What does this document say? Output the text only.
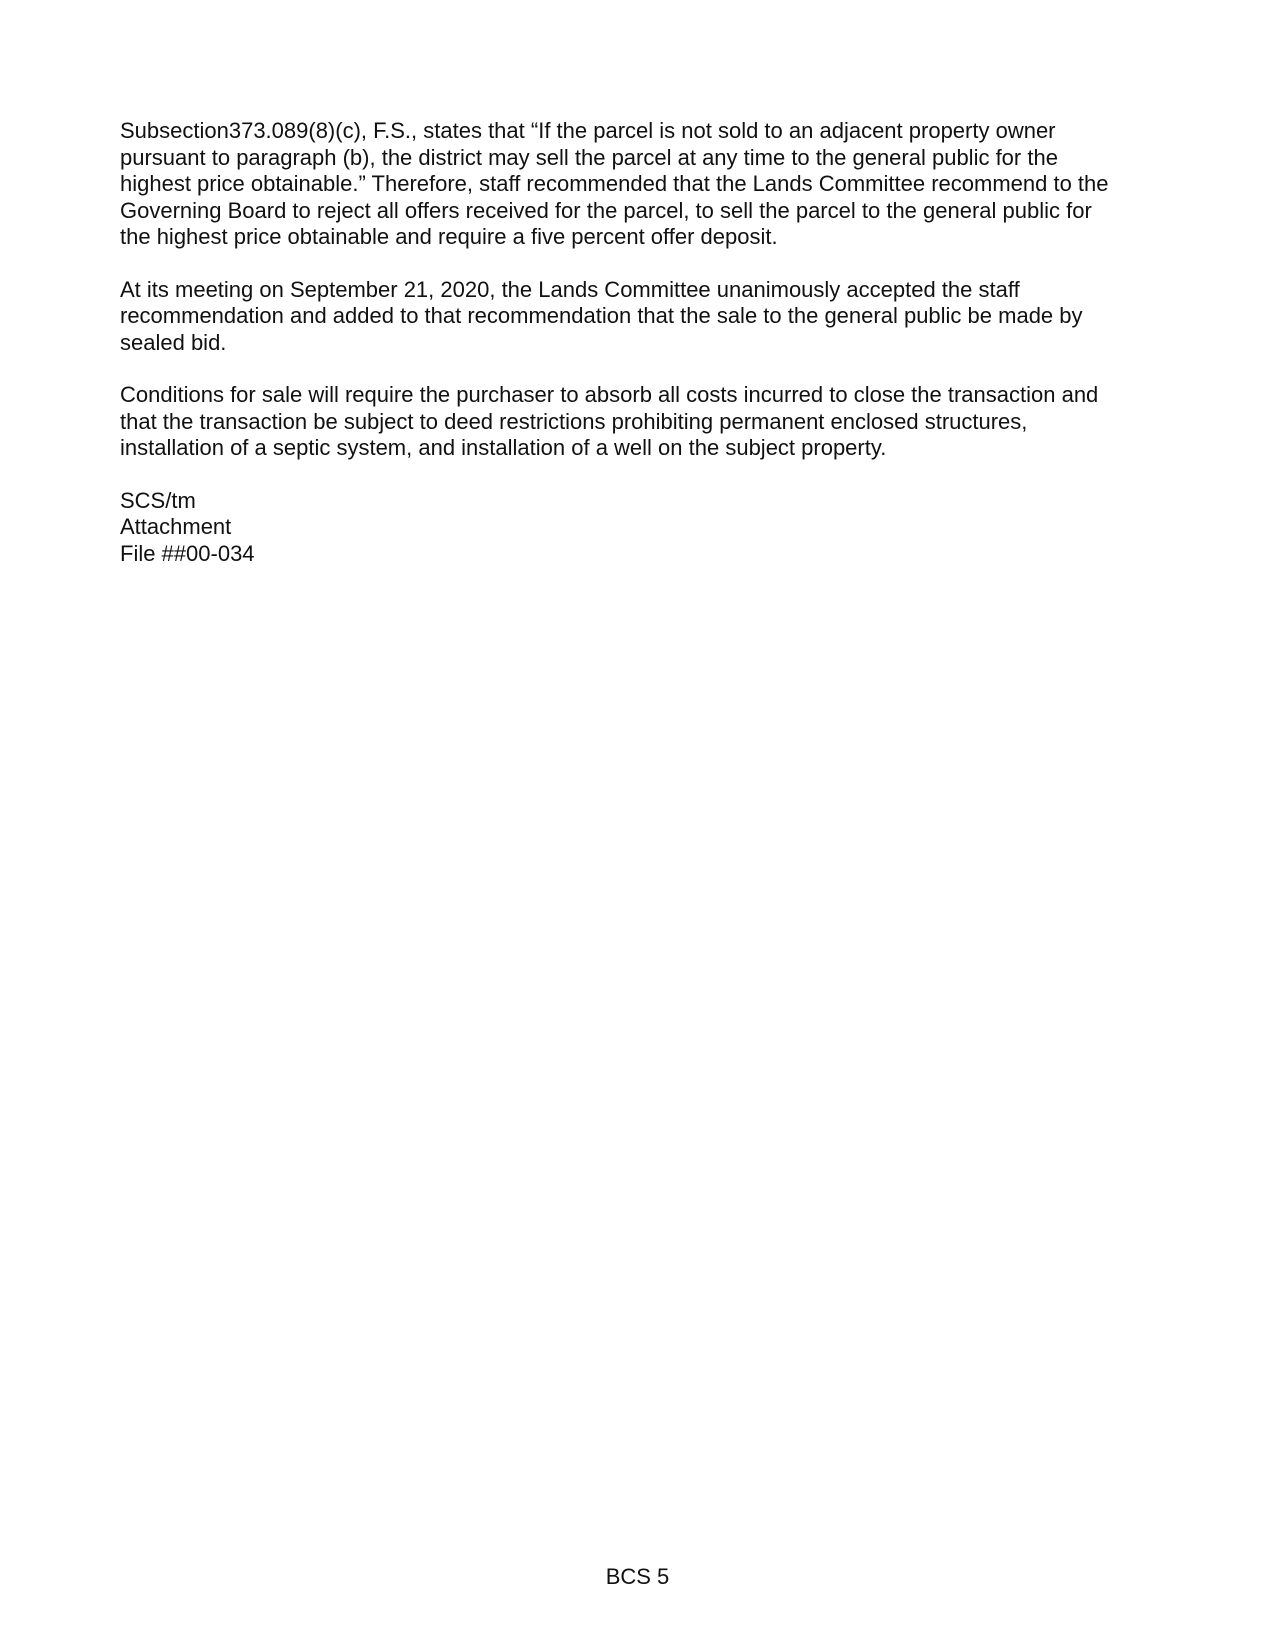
Subsection373.089(8)(c), F.S., states that “If the parcel is not sold to an adjacent property owner
pursuant to paragraph (b), the district may sell the parcel at any time to the general public for the
highest price obtainable.” Therefore, staff recommended that the Lands Committee recommend to the
Governing Board to reject all offers received for the parcel, to sell the parcel to the general public for
the highest price obtainable and require a five percent offer deposit.

At its meeting on September 21, 2020, the Lands Committee unanimously accepted the staff
recommendation and added to that recommendation that the sale to the general public be made by
sealed bid.

Conditions for sale will require the purchaser to absorb all costs incurred to close the transaction and
that the transaction be subject to deed restrictions prohibiting permanent enclosed structures,
installation of a septic system, and installation of a well on the subject property.

SCS/tm
Attachment
File ##00-034
BCS 5
